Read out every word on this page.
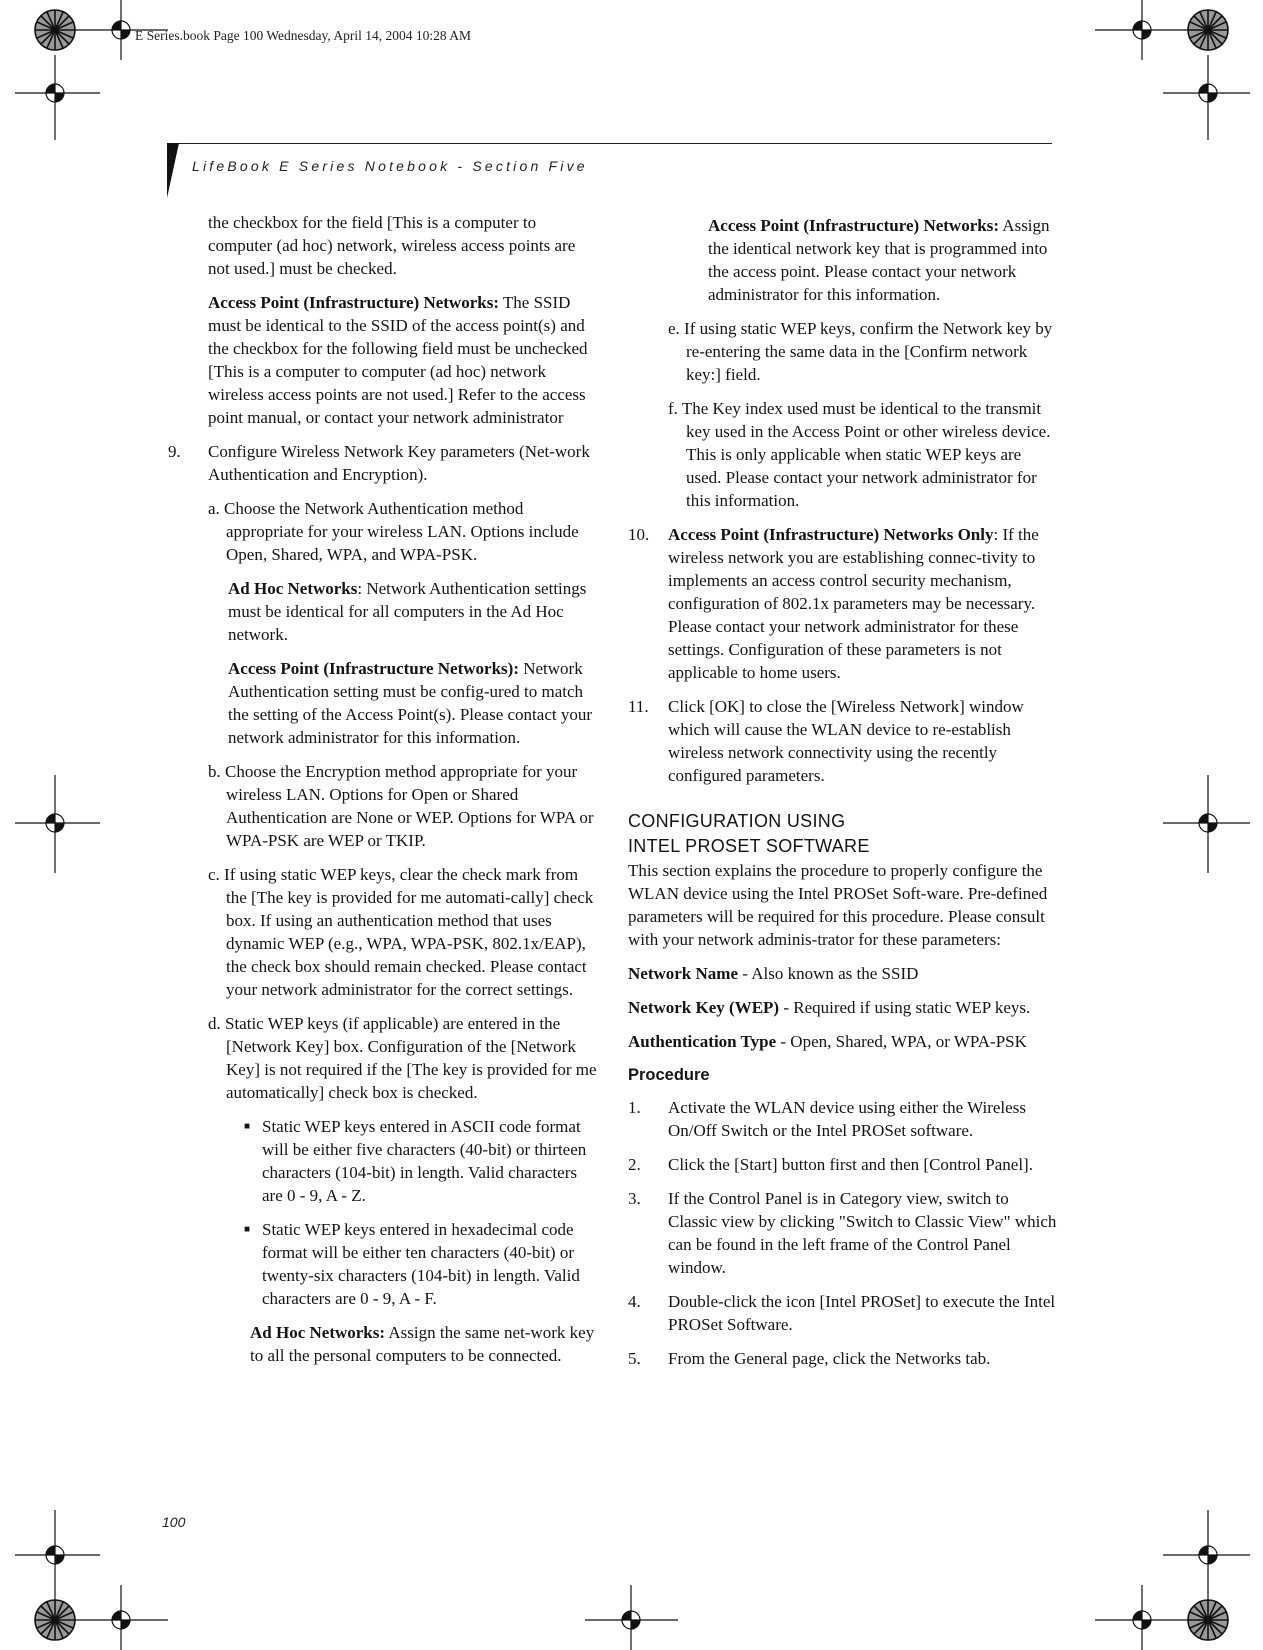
E Series.book Page 100 Wednesday, April 14, 2004 10:28 AM
LifeBook E Series Notebook - Section Five

the checkbox for the field [This is a computer to computer (ad hoc) network, wireless access points are not used.] must be checked.

Access Point (Infrastructure) Networks: The SSID must be identical to the SSID of the access point(s) and the checkbox for the following field must be unchecked [This is a computer to computer (ad hoc) network wireless access points are not used.] Refer to the access point manual, or contact your network administrator

9.	Configure Wireless Network Key parameters (Net-work Authentication and Encryption).

a. Choose the Network Authentication method appropriate for your wireless LAN. Options include Open, Shared, WPA, and WPA-PSK.

Ad Hoc Networks: Network Authentication settings must be identical for all computers in the Ad Hoc network.

Access Point (Infrastructure Networks): Network Authentication setting must be config-ured to match the setting of the Access Point(s). Please contact your network administrator for this information.

b. Choose the Encryption method appropriate for your wireless LAN. Options for Open or Shared Authentication are None or WEP. Options for WPA or WPA-PSK are WEP or TKIP.

c. If using static WEP keys, clear the check mark from the [The key is provided for me automati-cally] check box. If using an authentication method that uses dynamic WEP (e.g., WPA, WPA-PSK, 802.1x/EAP), the check box should remain checked. Please contact your network administrator for the correct settings.

d. Static WEP keys (if applicable) are entered in the [Network Key] box. Configuration of the [Network Key] is not required if the [The key is provided for me automatically] check box is checked.

■ Static WEP keys entered in ASCII code format will be either five characters (40-bit) or thirteen characters (104-bit) in length. Valid characters are 0 - 9, A - Z.
■ Static WEP keys entered in hexadecimal code format will be either ten characters (40-bit) or twenty-six characters (104-bit) in length. Valid characters are 0 - 9, A - F.

Ad Hoc Networks: Assign the same net-work key to all the personal computers to be connected.

Access Point (Infrastructure) Networks: Assign the identical network key that is programmed into the access point. Please contact your network administrator for this information.

e. If using static WEP keys, confirm the Network key by re-entering the same data in the [Confirm network key:] field.

f. The Key index used must be identical to the transmit key used in the Access Point or other wireless device. This is only applicable when static WEP keys are used. Please contact your network administrator for this information.

10.	Access Point (Infrastructure) Networks Only: If the wireless network you are establishing connec-tivity to implements an access control security mechanism, configuration of 802.1x parameters may be necessary. Please contact your network administrator for these settings. Configuration of these parameters is not applicable to home users.
11.	Click [OK] to close the [Wireless Network] window which will cause the WLAN device to re-establish wireless network connectivity using the recently configured parameters.
CONFIGURATION USING
INTEL PROSET SOFTWARE

This section explains the procedure to properly configure the WLAN device using the Intel PROSet Soft-ware. Pre-defined parameters will be required for this procedure. Please consult with your network adminis-trator for these parameters:

Network Name - Also known as the SSID

Network Key (WEP) - Required if using static WEP keys.

Authentication Type - Open, Shared, WPA, or WPA-PSK

Procedure
1.	Activate the WLAN device using either the Wireless On/Off Switch or the Intel PROSet software.
2.	Click the [Start] button first and then [Control Panel].
3.	If the Control Panel is in Category view, switch to Classic view by clicking "Switch to Classic View" which can be found in the left frame of the Control Panel window.
4.	Double-click the icon [Intel PROSet] to execute the Intel PROSet Software.
5.	From the General page, click the Networks tab.
100
